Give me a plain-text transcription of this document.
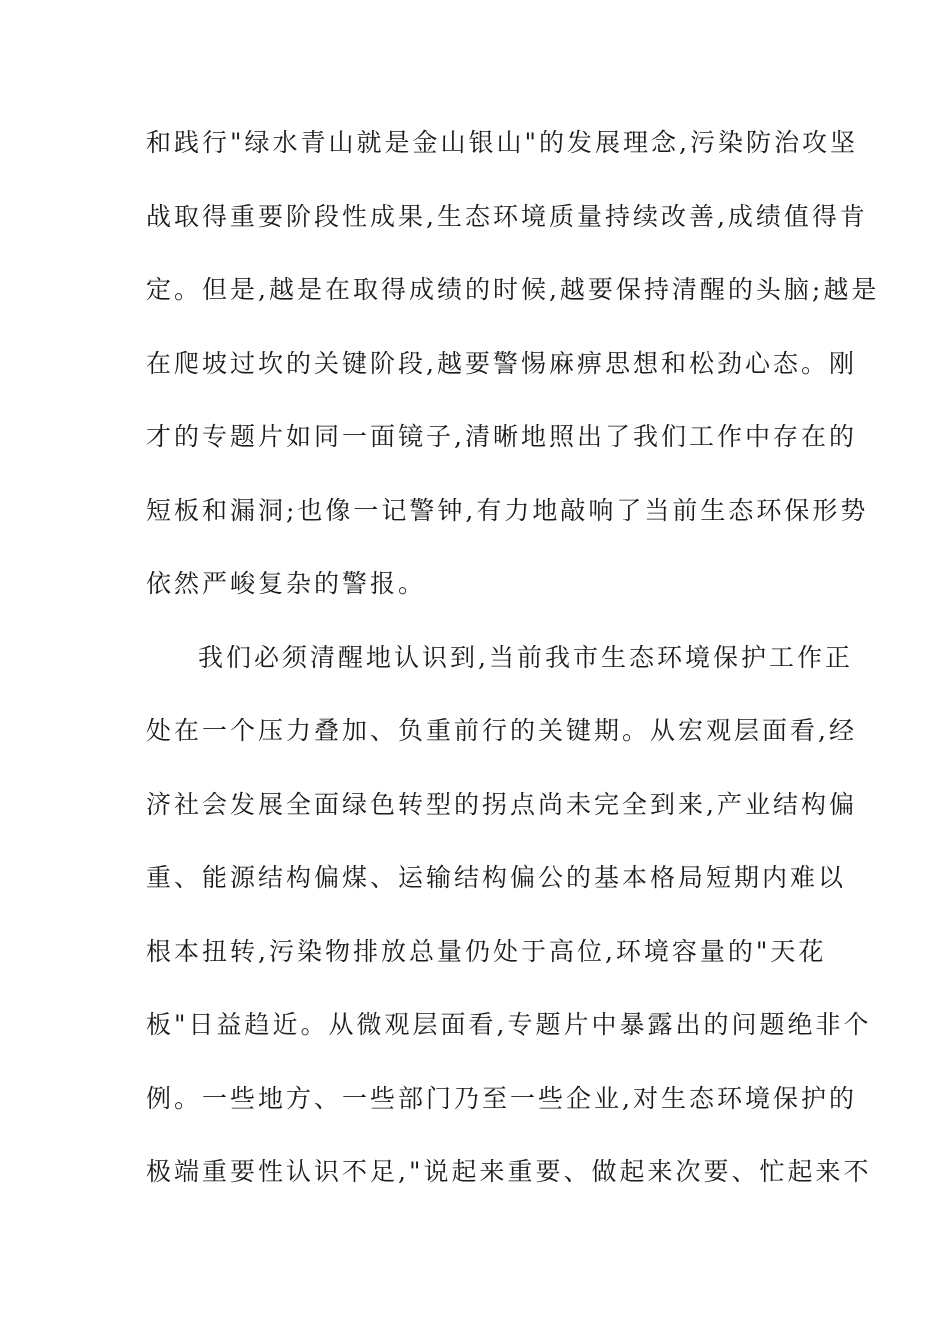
和践行"绿水青山就是金山银山"的发展理念,污染防治攻坚
战取得重要阶段性成果,生态环境质量持续改善,成绩值得肯
定。但是,越是在取得成绩的时候,越要保持清醒的头脑;越是
在爬坡过坎的关键阶段,越要警惕麻痹思想和松劲心态。刚
才的专题片如同一面镜子,清晰地照出了我们工作中存在的
短板和漏洞;也像一记警钟,有力地敲响了当前生态环保形势
依然严峻复杂的警报。
我们必须清醒地认识到,当前我市生态环境保护工作正
处在一个压力叠加、负重前行的关键期。从宏观层面看,经
济社会发展全面绿色转型的拐点尚未完全到来,产业结构偏
重、能源结构偏煤、运输结构偏公的基本格局短期内难以
根本扭转,污染物排放总量仍处于高位,环境容量的"天花
板"日益趋近。从微观层面看,专题片中暴露出的问题绝非个
例。一些地方、一些部门乃至一些企业,对生态环境保护的
极端重要性认识不足,"说起来重要、做起来次要、忙起来不
